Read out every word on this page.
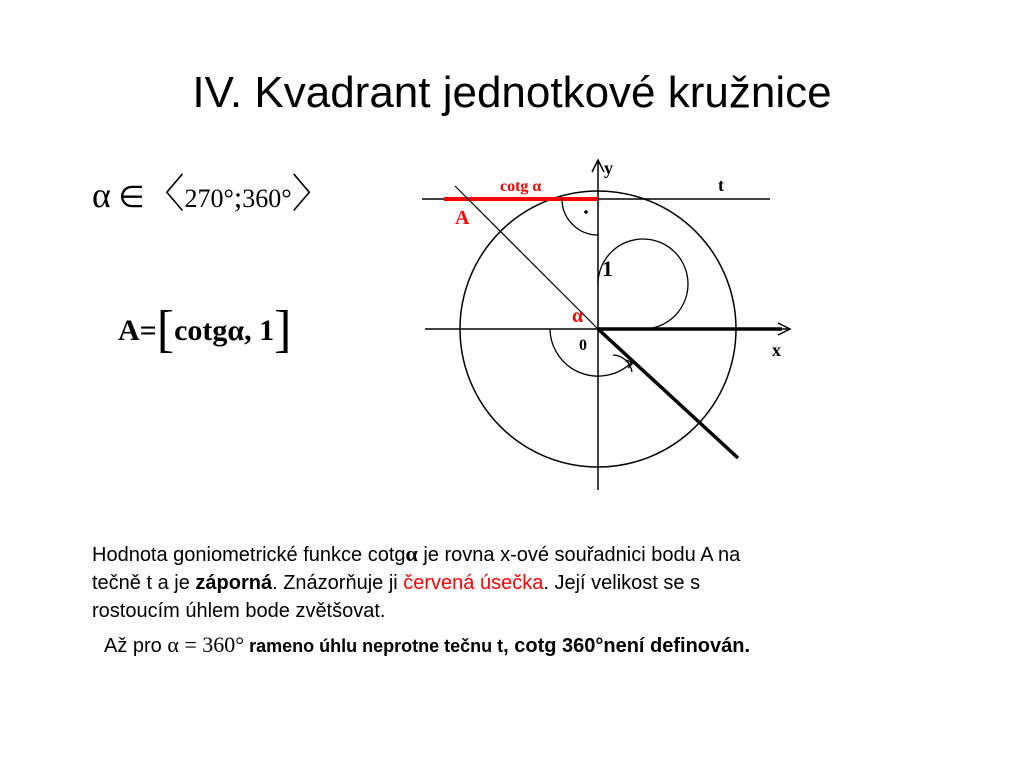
IV. Kvadrant jednotkové kružnice
α ∈〈270°;360°〉
A=[cotgα, 1]
y
x
t
cotg α
A
1
α
0
Hodnota goniometrické funkce cotgα je rovna x-ové souřadnici bodu A na
tečně t a je záporná. Znázorňuje ji červená úsečka. Její velikost se s
rostoucím úhlem bode zvětšovat.
Až pro α = 360° rameno úhlu neprotne tečnu t, cotg 360°není definován.
